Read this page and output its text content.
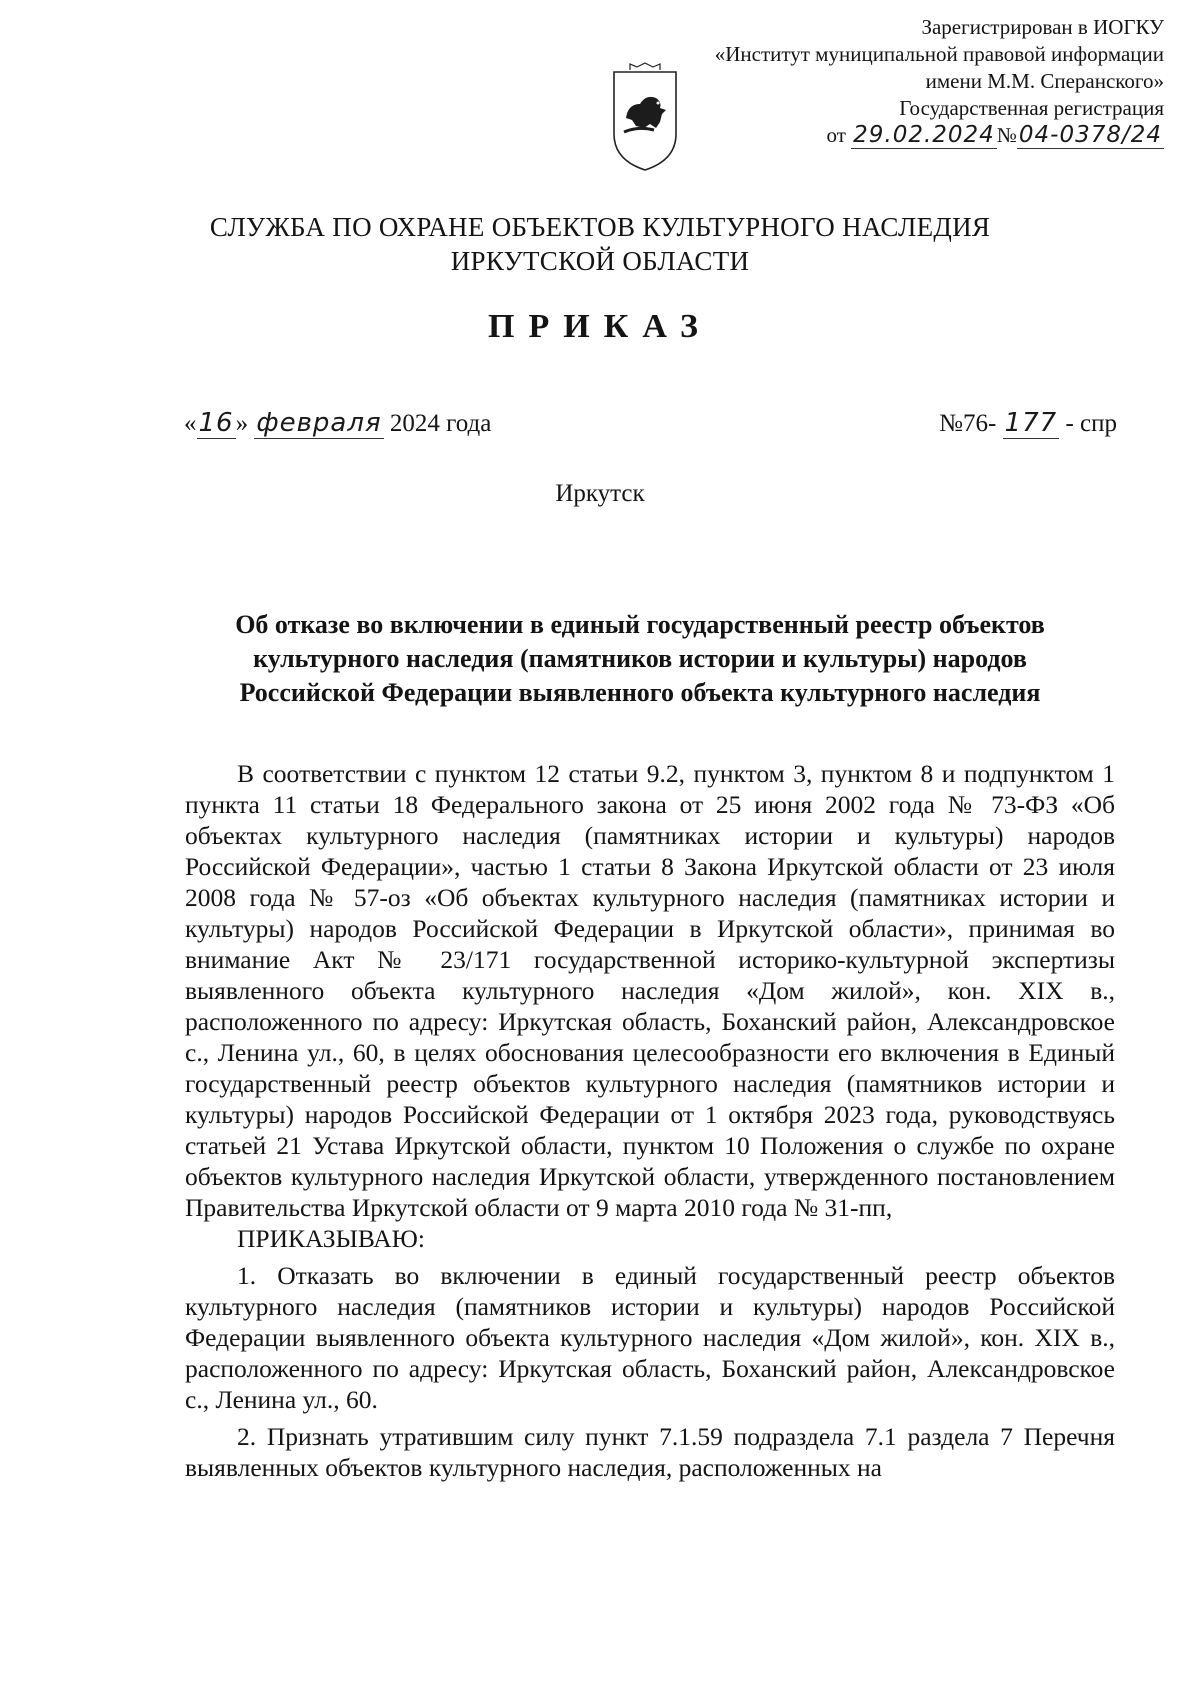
Зарегистрирован в ИОГКУ
«Институт муниципальной правовой информации
имени М.М. Сперанского»
Государственная регистрация
от 29.02.2024№04-0378/24
СЛУЖБА ПО ОХРАНЕ ОБЪЕКТОВ КУЛЬТУРНОГО НАСЛЕДИЯ
ИРКУТСКОЙ ОБЛАСТИ
ПРИКАЗ
«16» февраля 2024 года	№76- 177 - спр
Иркутск
Об отказе во включении в единый государственный реестр объектов
культурного наследия (памятников истории и культуры) народов
Российской Федерации выявленного объекта культурного наследия

В соответствии с пунктом 12 статьи 9.2, пунктом 3, пунктом 8 и подпунктом 1 пункта 11 статьи 18 Федерального закона от 25 июня 2002 года № 73-ФЗ «Об объектах культурного наследия (памятниках истории и культуры) народов Российской Федерации», частью 1 статьи 8 Закона Иркутской области от 23 июля 2008 года № 57-оз «Об объектах культурного наследия (памятниках истории и культуры) народов Российской Федерации в Иркутской области», принимая во внимание Акт № 23/171 государственной историко-культурной экспертизы выявленного объекта культурного наследия «Дом жилой», кон. XIX в., расположенного по адресу: Иркутская область, Боханский район, Александровское с., Ленина ул., 60, в целях обоснования целесообразности его включения в Единый государственный реестр объектов культурного наследия (памятников истории и культуры) народов Российской Федерации от 1 октября 2023 года, руководствуясь статьей 21 Устава Иркутской области, пунктом 10 Положения о службе по охране объектов культурного наследия Иркутской области, утвержденного постановлением Правительства Иркутской области от 9 марта 2010 года № 31-пп,

ПРИКАЗЫВАЮ:

1. Отказать во включении в единый государственный реестр объектов культурного наследия (памятников истории и культуры) народов Российской Федерации выявленного объекта культурного наследия «Дом жилой», кон. XIX в., расположенного по адресу: Иркутская область, Боханский район, Александровское с., Ленина ул., 60.

2. Признать утратившим силу пункт 7.1.59 подраздела 7.1 раздела 7 Перечня выявленных объектов культурного наследия, расположенных на
